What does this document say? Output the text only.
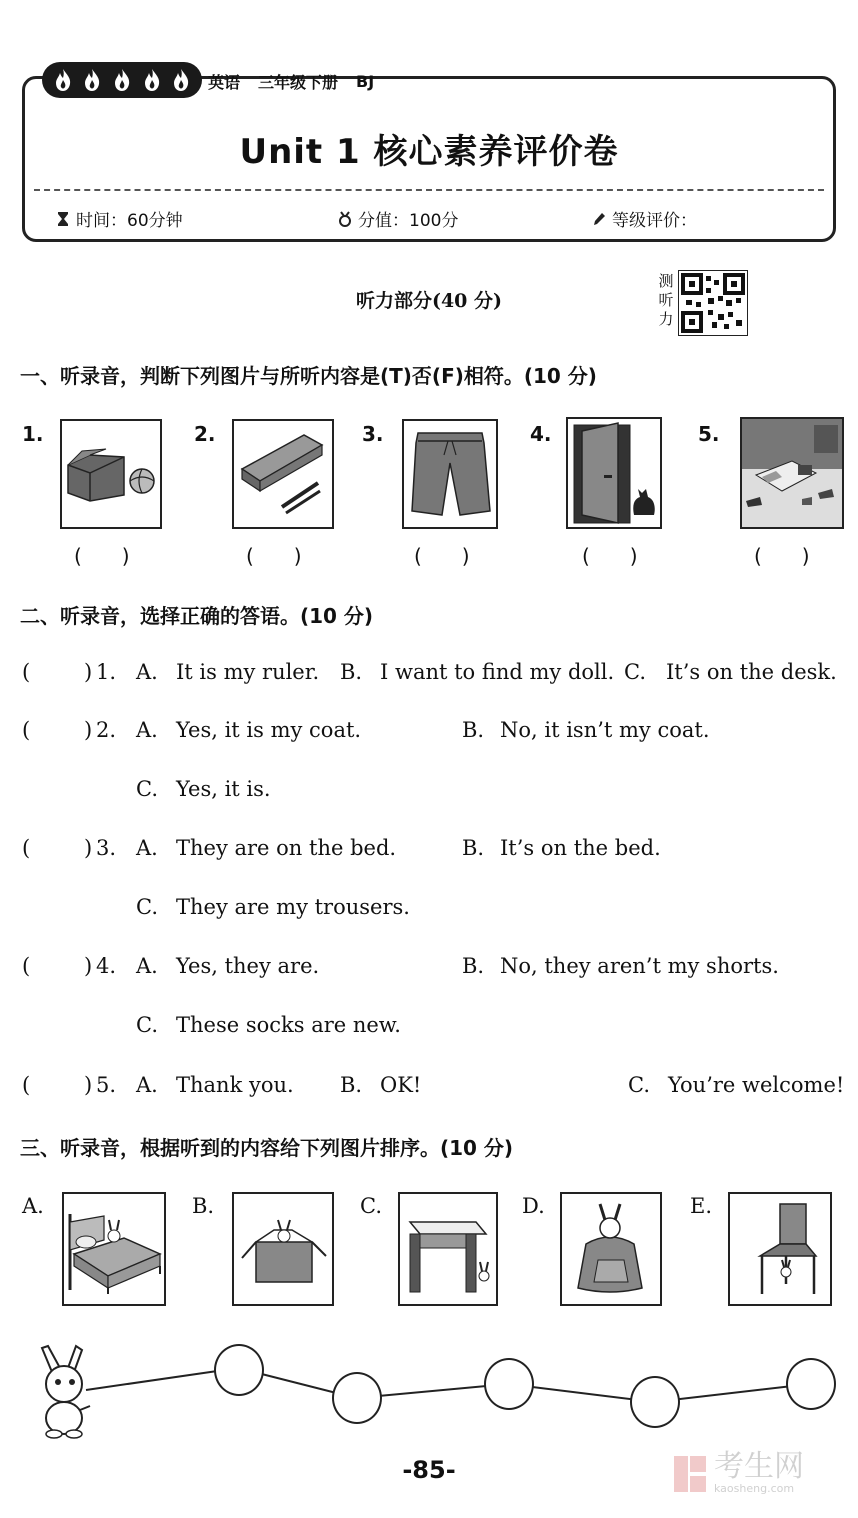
英语 三年级下册 BJ
Unit 1 核心素养评价卷
时间：60分钟	分值：100分	等级评价：
听力部分(40 分)
测听力
一、听录音，判断下列图片与所听内容是(T)否(F)相符。(10 分)
1.
(　　)
2.
(　　)
3.
(　　)
4.
(　　)
5.
(　　)
二、听录音，选择正确的答语。(10 分)
(	) 1. A. It is my ruler. B. I want to find my doll. C. It’s on the desk.
(	) 2. A. Yes, it is my coat.	B. No, it isn’t my coat.
C. Yes, it is.
(	) 3. A. They are on the bed.	B. It’s on the bed.
C. They are my trousers.
(	) 4. A. Yes, they are.	B. No, they aren’t my shorts.
C. These socks are new.
(	) 5. A. Thank you. B. OK!	C. You’re welcome!
三、听录音，根据听到的内容给下列图片排序。(10 分)
A.	B.	C.	D.	E.
-85-	考生网
kaosheng.com
